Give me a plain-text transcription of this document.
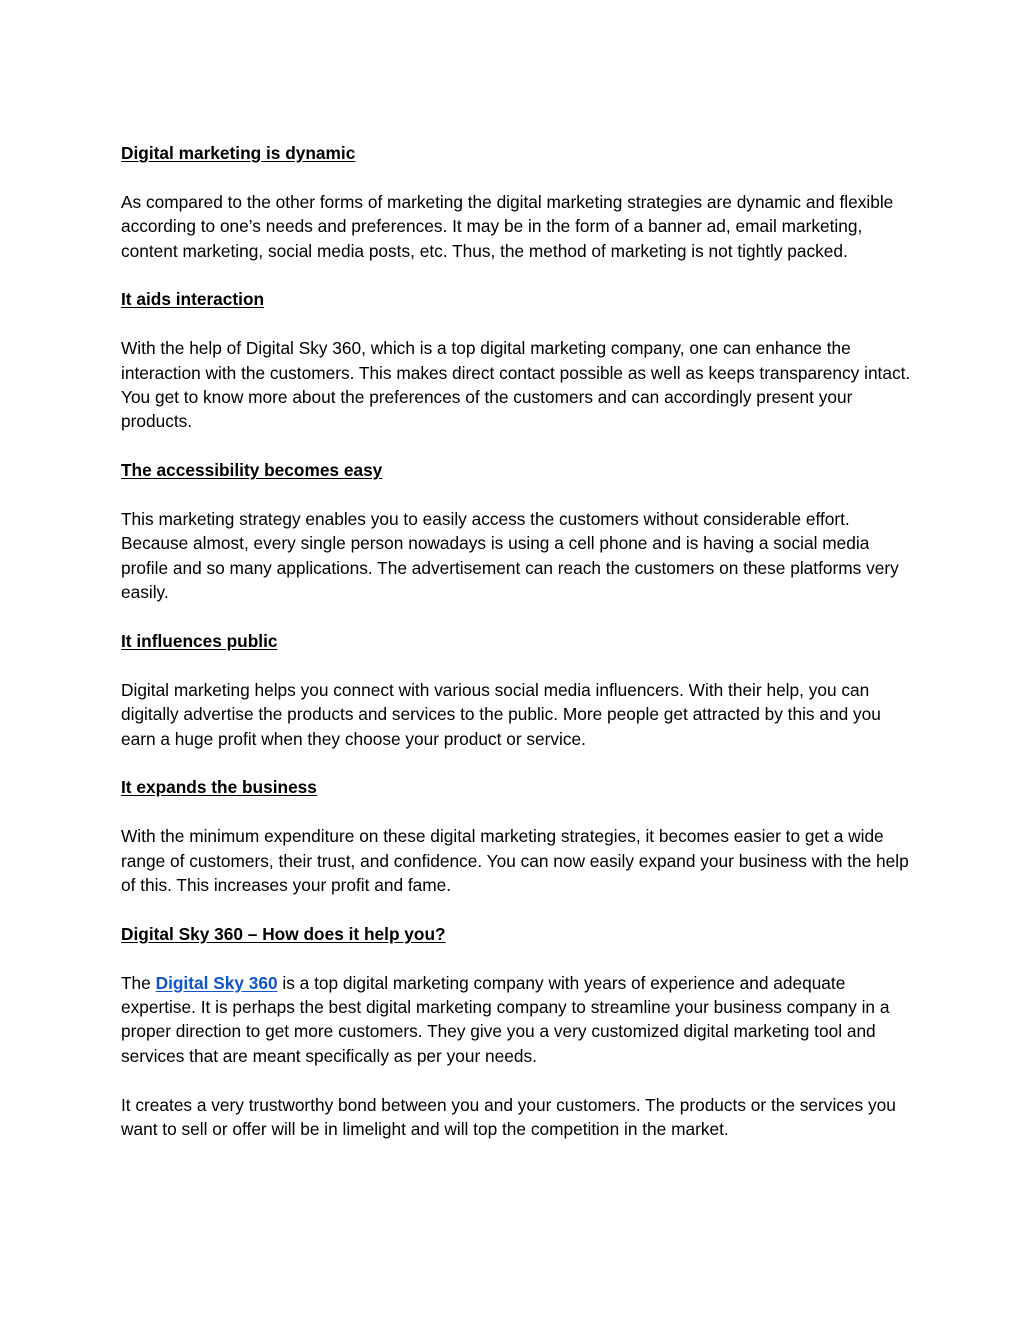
Digital marketing is dynamic
As compared to the other forms of marketing the digital marketing strategies are dynamic and flexible according to one’s needs and preferences. It may be in the form of a banner ad, email marketing, content marketing, social media posts, etc. Thus, the method of marketing is not tightly packed.
It aids interaction
With the help of Digital Sky 360, which is a top digital marketing company, one can enhance the interaction with the customers. This makes direct contact possible as well as keeps transparency intact. You get to know more about the preferences of the customers and can accordingly present your products.
The accessibility becomes easy
This marketing strategy enables you to easily access the customers without considerable effort. Because almost, every single person nowadays is using a cell phone and is having a social media profile and so many applications. The advertisement can reach the customers on these platforms very easily.
It influences public
Digital marketing helps you connect with various social media influencers. With their help, you can digitally advertise the products and services to the public. More people get attracted by this and you earn a huge profit when they choose your product or service.
It expands the business
With the minimum expenditure on these digital marketing strategies, it becomes easier to get a wide range of customers, their trust, and confidence. You can now easily expand your business with the help of this. This increases your profit and fame.
Digital Sky 360 – How does it help you?
The Digital Sky 360 is a top digital marketing company with years of experience and adequate expertise. It is perhaps the best digital marketing company to streamline your business company in a proper direction to get more customers. They give you a very customized digital marketing tool and services that are meant specifically as per your needs.
It creates a very trustworthy bond between you and your customers. The products or the services you want to sell or offer will be in limelight and will top the competition in the market.
